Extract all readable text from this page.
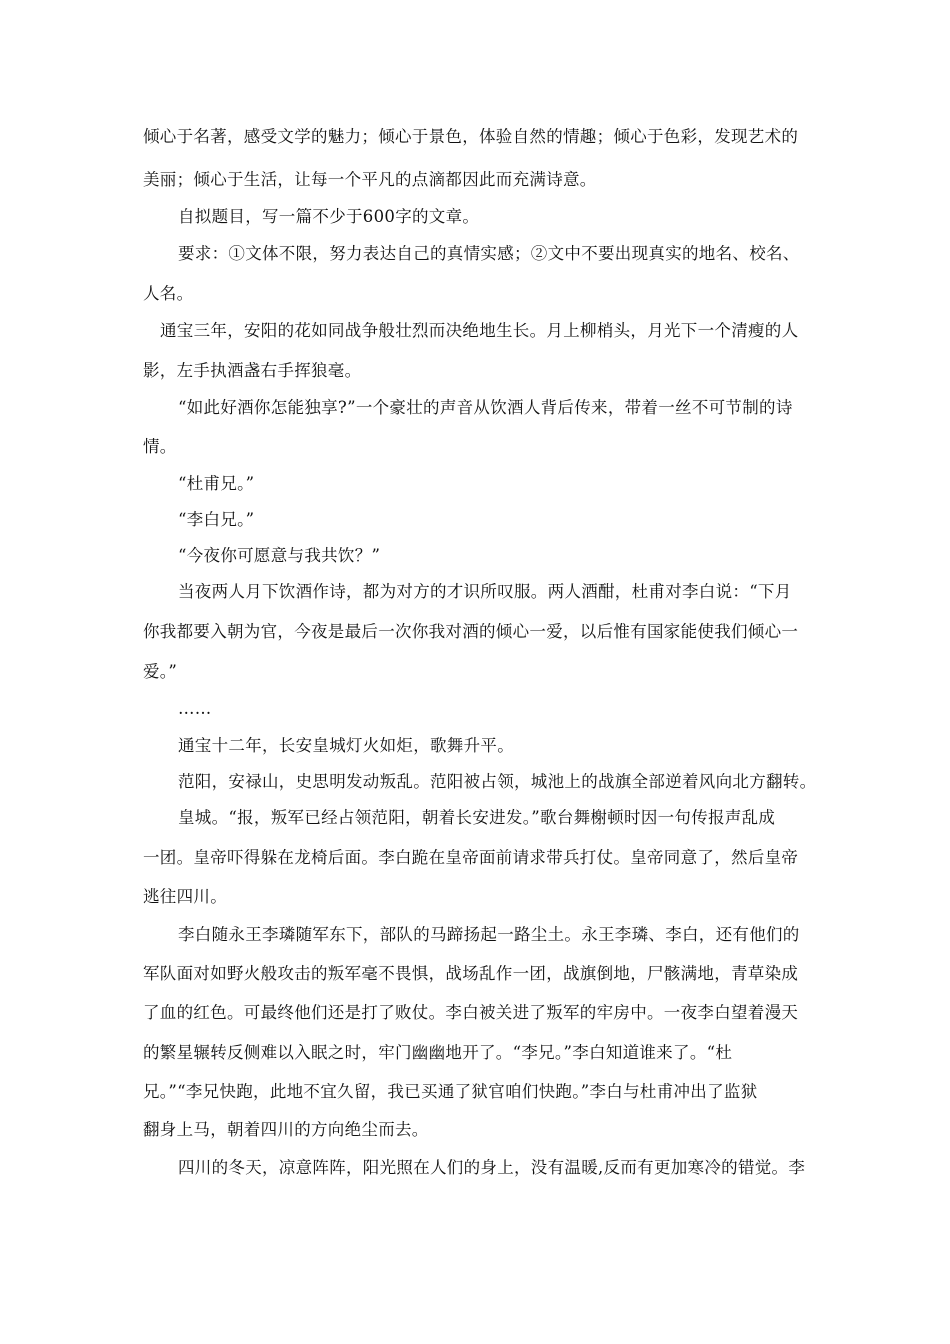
倾心于名著，感受文学的魅力；倾心于景色，体验自然的情趣；倾心于色彩，发现艺术的
美丽；倾心于生活，让每一个平凡的点滴都因此而充满诗意。
自拟题目，写一篇不少于600字的文章。
要求：①文体不限，努力表达自己的真情实感；②文中不要出现真实的地名、校名、
人名。
通宝三年，安阳的花如同战争般壮烈而决绝地生长。月上柳梢头，月光下一个清瘦的人
影，左手执酒盏右手挥狼毫。
“如此好酒你怎能独享?”一个豪壮的声音从饮酒人背后传来，带着一丝不可节制的诗
情。
“杜甫兄。”
“李白兄。”
“今夜你可愿意与我共饮？”
当夜两人月下饮酒作诗，都为对方的才识所叹服。两人酒酣，杜甫对李白说：“下月
你我都要入朝为官，今夜是最后一次你我对酒的倾心一爱，以后惟有国家能使我们倾心一
爱。”
……
通宝十二年，长安皇城灯火如炬，歌舞升平。
范阳，安禄山，史思明发动叛乱。范阳被占领，城池上的战旗全部逆着风向北方翻转。
皇城。“报，叛军已经占领范阳，朝着长安进发。”歌台舞榭顿时因一句传报声乱成
一团。皇帝吓得躲在龙椅后面。李白跪在皇帝面前请求带兵打仗。皇帝同意了，然后皇帝
逃往四川。
李白随永王李璘随军东下，部队的马蹄扬起一路尘土。永王李璘、李白，还有他们的
军队面对如野火般攻击的叛军毫不畏惧，战场乱作一团，战旗倒地，尸骸满地，青草染成
了血的红色。可最终他们还是打了败仗。李白被关进了叛军的牢房中。一夜李白望着漫天
的繁星辗转反侧难以入眠之时，牢门幽幽地开了。“李兄。”李白知道谁来了。“杜
兄。”“李兄快跑，此地不宜久留，我已买通了狱官咱们快跑。”李白与杜甫冲出了监狱
翻身上马，朝着四川的方向绝尘而去。
四川的冬天，凉意阵阵，阳光照在人们的身上，没有温暖,反而有更加寒冷的错觉。李
